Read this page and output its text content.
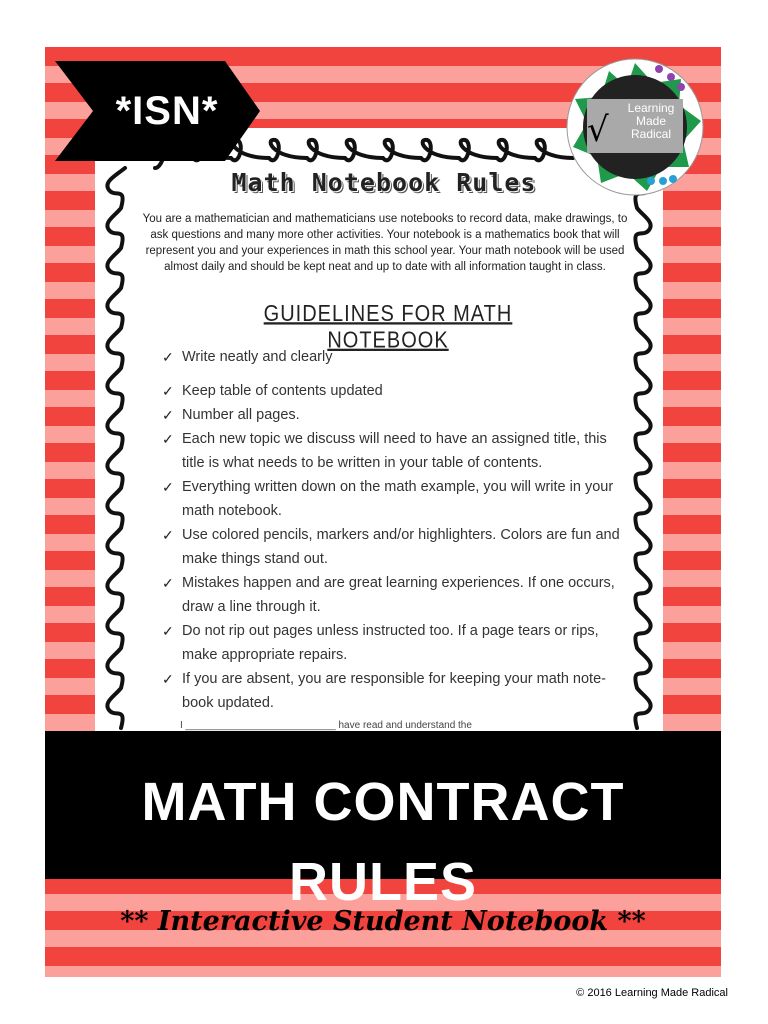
*ISN*	√
Learning
Made
Radical
Math Notebook Rules
You are a mathematician and mathematicians use notebooks to record data, make drawings, to ask questions and many more other activities. Your notebook is a mathematics book that will represent you and your experiences in math this school year. Your math notebook will be used almost daily and should be kept neat and up to date with all information taught in class.
GUIDELINES FOR MATH NOTEBOOK
✓ Write neatly and clearly
✓ Keep table of contents updated
✓ Number all pages.
✓ Each new topic we discuss will need to have an assigned title, this title is what needs to be written in your table of contents.
✓ Everything written down on the math example, you will write in your math notebook.
✓ Use colored pencils, markers and/or highlighters. Colors are fun and make things stand out.
✓ Mistakes happen and are great learning experiences. If one occurs, draw a line through it.
✓ Do not rip out pages unless instructed too. If a page tears or rips, make appropriate repairs.
✓ If you are absent, you are responsible for keeping your math note-book updated.
I ___________________________ have read and understand the
MATH CONTRACT RULES
** Interactive Student Notebook **
© 2016 Learning Made Radical
